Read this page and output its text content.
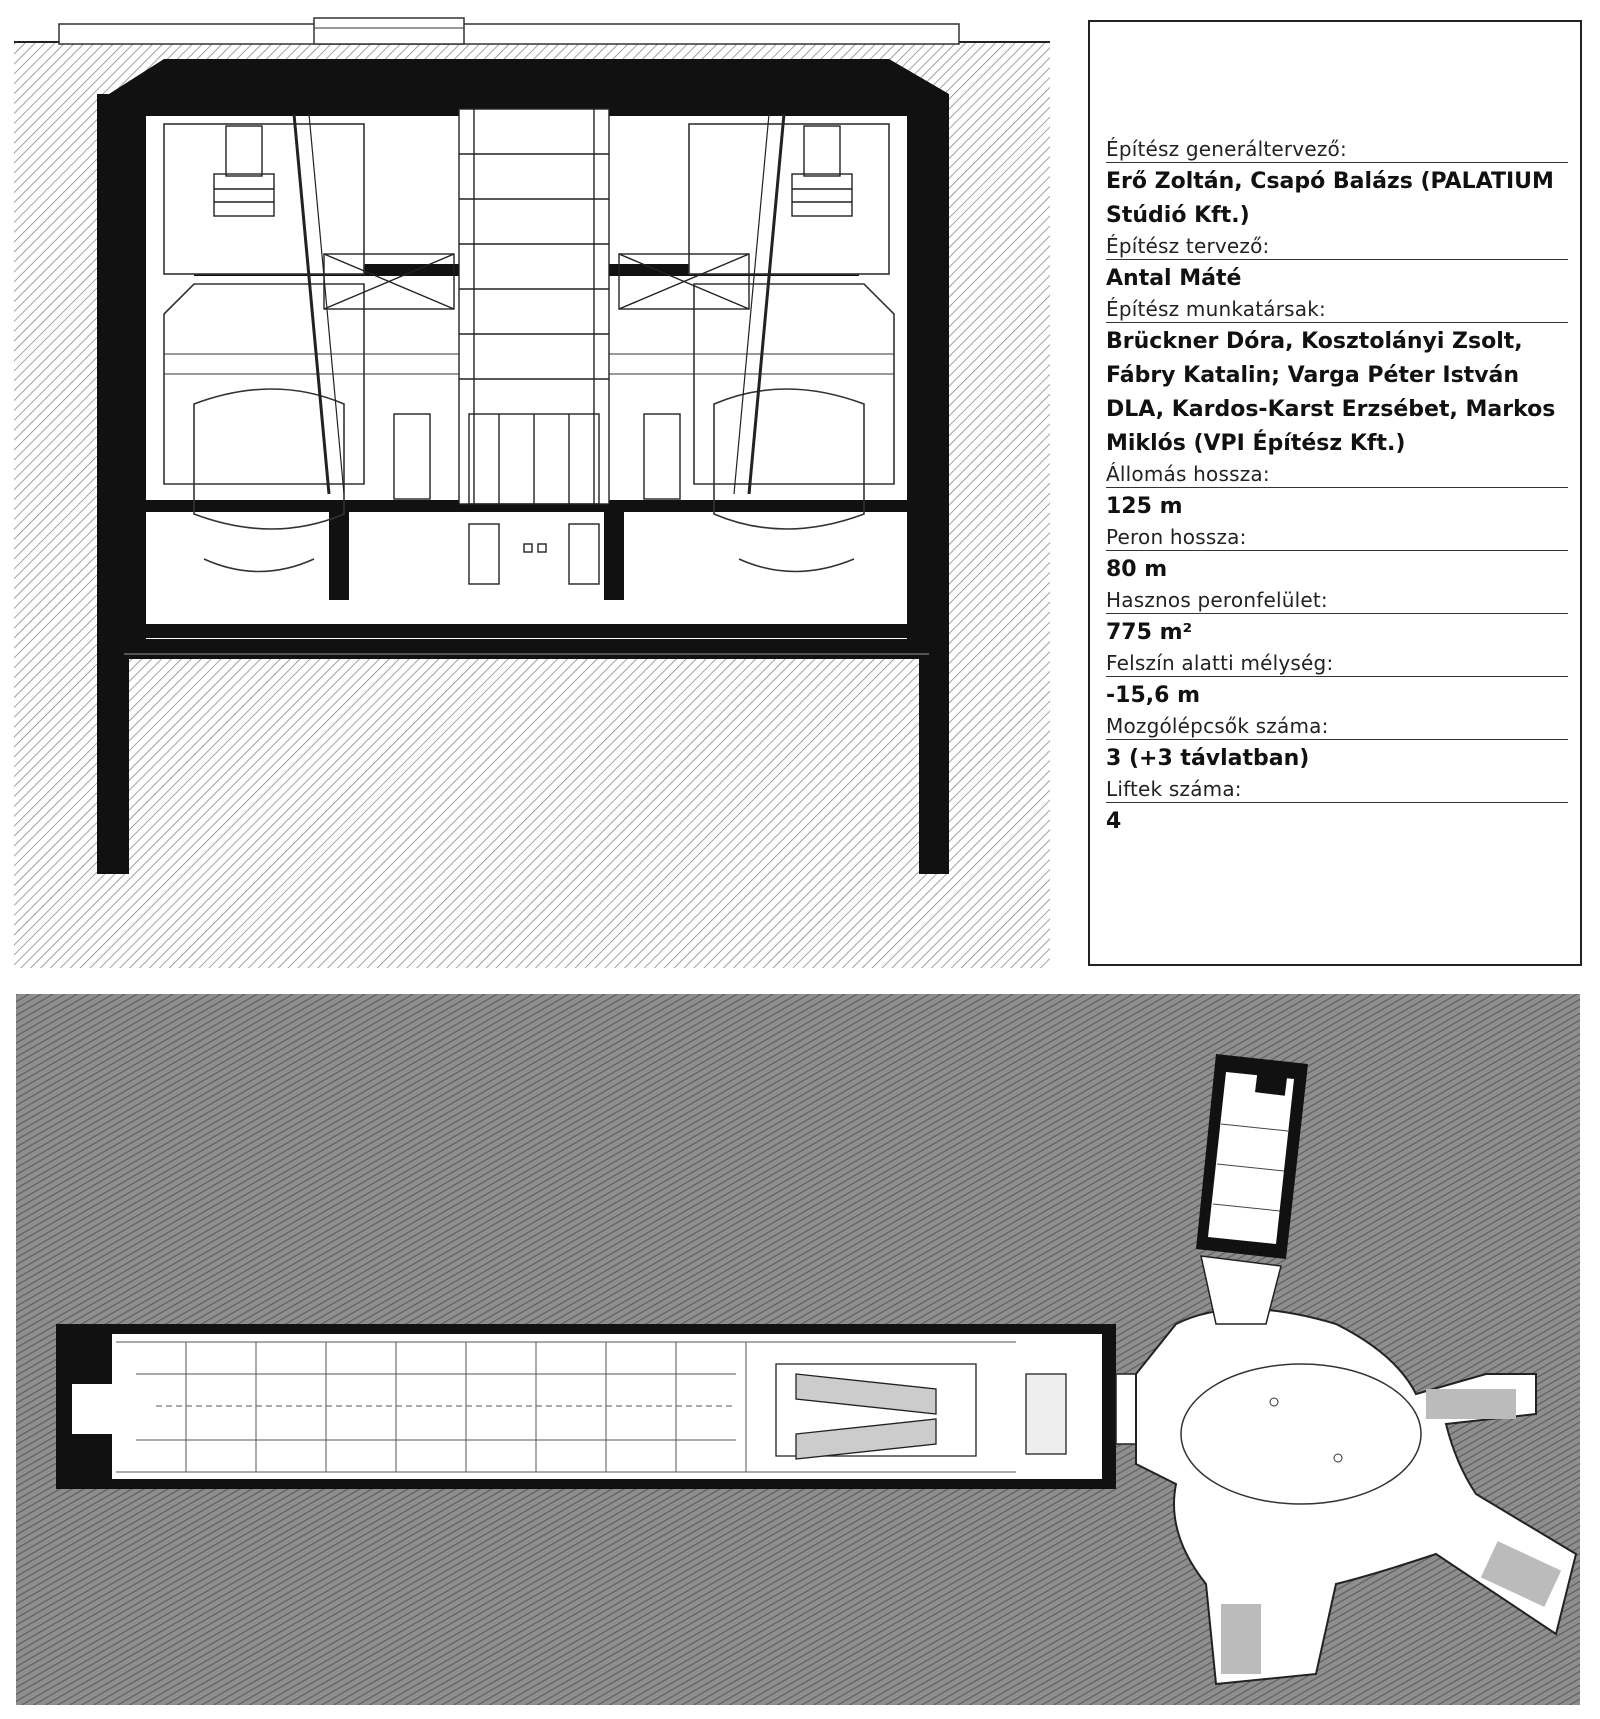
Építész generáltervező:
Erő Zoltán, Csapó Balázs (PALATIUM Stúdió Kft.)
Építész tervező:
Antal Máté
Építész munkatársak:
Brückner Dóra, Kosztolányi Zsolt, Fábry Katalin; Varga Péter István DLA, Kardos-Karst Erzsébet, Markos Miklós (VPI Építész Kft.)
Állomás hossza:
125 m
Peron hossza:
80 m
Hasznos peronfelület:
775 m²
Felszín alatti mélység:
-15,6 m
Mozgólépcsők száma:
3 (+3 távlatban)
Liftek száma:
4
